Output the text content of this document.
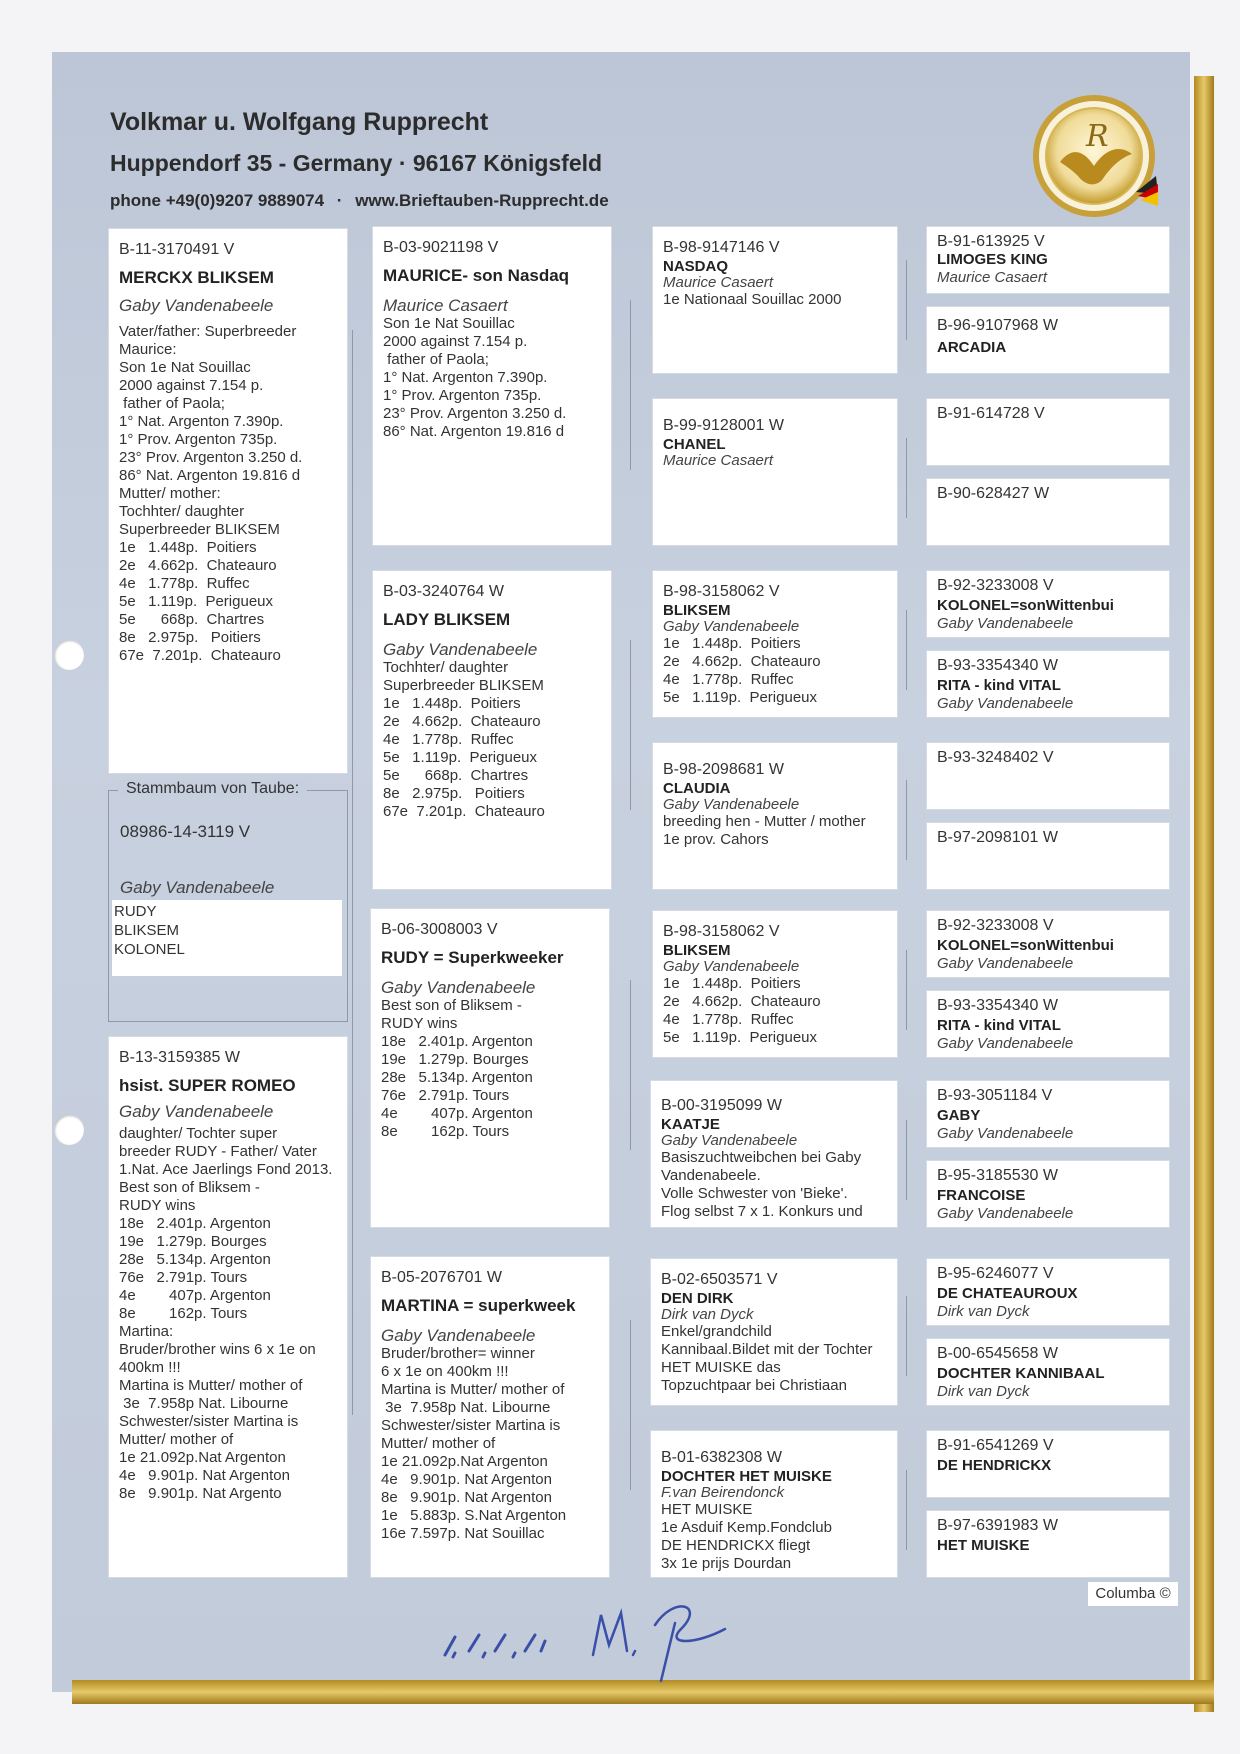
Volkmar u. Wolfgang Rupprecht
Huppendorf 35 - Germany · 96167 Königsfeld
phone +49(0)9207 9889074 · www.Brieftauben-Rupprecht.de
R
B-11-3170491 V
MERCKX BLIKSEM
Gaby Vandenabeele
Vater/father: Superbreeder
Maurice:
Son 1e Nat Souillac
2000 against 7.154 p.
father of Paola;
1° Nat. Argenton 7.390p.
1° Prov. Argenton 735p.
23° Prov. Argenton 3.250 d.
86° Nat. Argenton 19.816 d
Mutter/ mother:
Tochhter/ daughter
Superbreeder BLIKSEM
1e   1.448p.  Poitiers
2e   4.662p.  Chateauro
4e   1.778p.  Ruffec
5e   1.119p.  Perigueux
5e      668p.  Chartres
8e   2.975p.   Poitiers
67e  7.201p.  Chateauro
Stammbaum von Taube:
08986-14-3119 V
Gaby Vandenabeele
RUDY
BLIKSEM
KOLONEL
B-13-3159385 W
hsist. SUPER ROMEO
Gaby Vandenabeele
daughter/ Tochter super
breeder RUDY - Father/ Vater
1.Nat. Ace Jaerlings Fond 2013.
Best son of Bliksem -
RUDY wins
18e   2.401p. Argenton
19e   1.279p. Bourges
28e   5.134p. Argenton
76e   2.791p. Tours
4e        407p. Argenton
8e        162p. Tours
Martina:
Bruder/brother wins 6 x 1e on
400km !!!
Martina is Mutter/ mother of
3e  7.958p Nat. Libourne
Schwester/sister Martina is
Mutter/ mother of
1e 21.092p.Nat Argenton
4e   9.901p. Nat Argenton
8e   9.901p. Nat Argento
B-03-9021198 V
MAURICE- son Nasdaq
Maurice Casaert
Son 1e Nat Souillac
2000 against 7.154 p.
father of Paola;
1° Nat. Argenton 7.390p.
1° Prov. Argenton 735p.
23° Prov. Argenton 3.250 d.
86° Nat. Argenton 19.816 d
B-03-3240764 W
LADY BLIKSEM
Gaby Vandenabeele
Tochhter/ daughter
Superbreeder BLIKSEM
1e   1.448p.  Poitiers
2e   4.662p.  Chateauro
4e   1.778p.  Ruffec
5e   1.119p.  Perigueux
5e      668p.  Chartres
8e   2.975p.   Poitiers
67e  7.201p.  Chateauro
B-06-3008003 V
RUDY = Superkweeker
Gaby Vandenabeele
Best son of Bliksem -
RUDY wins
18e   2.401p. Argenton
19e   1.279p. Bourges
28e   5.134p. Argenton
76e   2.791p. Tours
4e        407p. Argenton
8e        162p. Tours
B-05-2076701 W
MARTINA = superkweek
Gaby Vandenabeele
Bruder/brother= winner
6 x 1e on 400km !!!
Martina is Mutter/ mother of
3e  7.958p Nat. Libourne
Schwester/sister Martina is
Mutter/ mother of
1e 21.092p.Nat Argenton
4e   9.901p. Nat Argenton
8e   9.901p. Nat Argenton
1e   5.883p. S.Nat Argenton
16e 7.597p. Nat Souillac
B-98-9147146 V
NASDAQ
Maurice Casaert
1e Nationaal Souillac 2000
B-99-9128001 W
CHANEL
Maurice Casaert
B-98-3158062 V
BLIKSEM
Gaby Vandenabeele
1e   1.448p.  Poitiers
2e   4.662p.  Chateauro
4e   1.778p.  Ruffec
5e   1.119p.  Perigueux
B-98-2098681 W
CLAUDIA
Gaby Vandenabeele
breeding hen - Mutter / mother
1e prov. Cahors
B-98-3158062 V
BLIKSEM
Gaby Vandenabeele
1e   1.448p.  Poitiers
2e   4.662p.  Chateauro
4e   1.778p.  Ruffec
5e   1.119p.  Perigueux
B-00-3195099 W
KAATJE
Gaby Vandenabeele
Basiszuchtweibchen bei Gaby
Vandenabeele.
Volle Schwester von 'Bieke'.
Flog selbst 7 x 1. Konkurs und
B-02-6503571 V
DEN DIRK
Dirk van Dyck
Enkel/grandchild
Kannibaal.Bildet mit der Tochter
HET MUISKE das
Topzuchtpaar bei Christiaan
B-01-6382308 W
DOCHTER HET MUISKE
F.van Beirendonck
HET MUISKE
1e Asduif Kemp.Fondclub
DE HENDRICKX fliegt
3x 1e prijs Dourdan
B-91-613925 V
LIMOGES KING
Maurice Casaert
B-96-9107968 W
ARCADIA
B-91-614728 V
B-90-628427 W
B-92-3233008 V
KOLONEL=sonWittenbui
Gaby Vandenabeele
B-93-3354340 W
RITA - kind VITAL
Gaby Vandenabeele
B-93-3248402 V
B-97-2098101 W
B-92-3233008 V
KOLONEL=sonWittenbui
Gaby Vandenabeele
B-93-3354340 W
RITA - kind VITAL
Gaby Vandenabeele
B-93-3051184 V
GABY
Gaby Vandenabeele
B-95-3185530 W
FRANCOISE
Gaby Vandenabeele
B-95-6246077 V
DE CHATEAUROUX
Dirk van Dyck
B-00-6545658 W
DOCHTER KANNIBAAL
Dirk van Dyck
B-91-6541269 V
DE HENDRICKX
B-97-6391983 W
HET MUISKE
Columba ©
